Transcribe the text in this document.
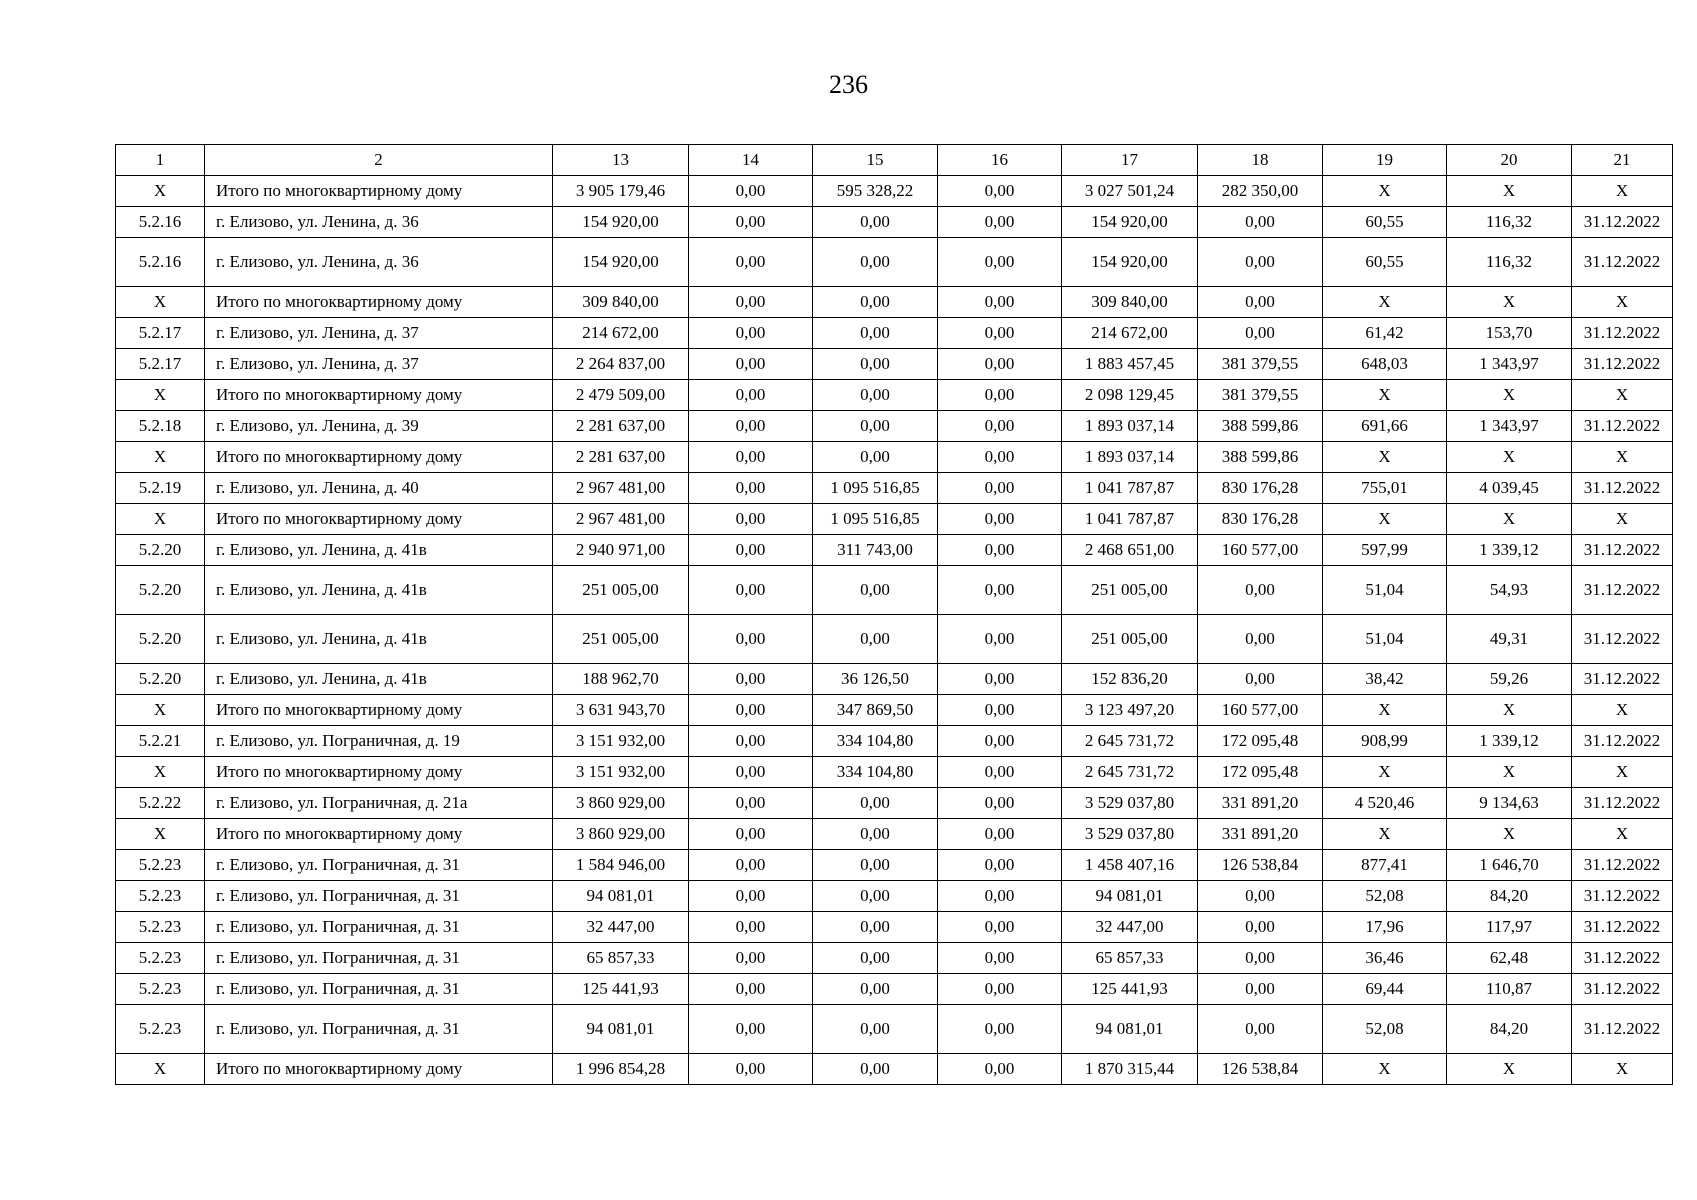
236
1	2	13	14	15	16	17	18	19	20	21
Х	Итого по многоквартирному дому	3 905 179,46	0,00	595 328,22	0,00	3 027 501,24	282 350,00	Х	Х	Х
5.2.16	г. Елизово, ул. Ленина, д. 36	154 920,00	0,00	0,00	0,00	154 920,00	0,00	60,55	116,32	31.12.2022
5.2.16	г. Елизово, ул. Ленина, д. 36	154 920,00	0,00	0,00	0,00	154 920,00	0,00	60,55	116,32	31.12.2022
Х	Итого по многоквартирному дому	309 840,00	0,00	0,00	0,00	309 840,00	0,00	Х	Х	Х
5.2.17	г. Елизово, ул. Ленина, д. 37	214 672,00	0,00	0,00	0,00	214 672,00	0,00	61,42	153,70	31.12.2022
5.2.17	г. Елизово, ул. Ленина, д. 37	2 264 837,00	0,00	0,00	0,00	1 883 457,45	381 379,55	648,03	1 343,97	31.12.2022
Х	Итого по многоквартирному дому	2 479 509,00	0,00	0,00	0,00	2 098 129,45	381 379,55	Х	Х	Х
5.2.18	г. Елизово, ул. Ленина, д. 39	2 281 637,00	0,00	0,00	0,00	1 893 037,14	388 599,86	691,66	1 343,97	31.12.2022
Х	Итого по многоквартирному дому	2 281 637,00	0,00	0,00	0,00	1 893 037,14	388 599,86	Х	Х	Х
5.2.19	г. Елизово, ул. Ленина, д. 40	2 967 481,00	0,00	1 095 516,85	0,00	1 041 787,87	830 176,28	755,01	4 039,45	31.12.2022
Х	Итого по многоквартирному дому	2 967 481,00	0,00	1 095 516,85	0,00	1 041 787,87	830 176,28	Х	Х	Х
5.2.20	г. Елизово, ул. Ленина, д. 41в	2 940 971,00	0,00	311 743,00	0,00	2 468 651,00	160 577,00	597,99	1 339,12	31.12.2022
5.2.20	г. Елизово, ул. Ленина, д. 41в	251 005,00	0,00	0,00	0,00	251 005,00	0,00	51,04	54,93	31.12.2022
5.2.20	г. Елизово, ул. Ленина, д. 41в	251 005,00	0,00	0,00	0,00	251 005,00	0,00	51,04	49,31	31.12.2022
5.2.20	г. Елизово, ул. Ленина, д. 41в	188 962,70	0,00	36 126,50	0,00	152 836,20	0,00	38,42	59,26	31.12.2022
Х	Итого по многоквартирному дому	3 631 943,70	0,00	347 869,50	0,00	3 123 497,20	160 577,00	Х	Х	Х
5.2.21	г. Елизово, ул. Пограничная, д. 19	3 151 932,00	0,00	334 104,80	0,00	2 645 731,72	172 095,48	908,99	1 339,12	31.12.2022
Х	Итого по многоквартирному дому	3 151 932,00	0,00	334 104,80	0,00	2 645 731,72	172 095,48	Х	Х	Х
5.2.22	г. Елизово, ул. Пограничная, д. 21а	3 860 929,00	0,00	0,00	0,00	3 529 037,80	331 891,20	4 520,46	9 134,63	31.12.2022
Х	Итого по многоквартирному дому	3 860 929,00	0,00	0,00	0,00	3 529 037,80	331 891,20	Х	Х	Х
5.2.23	г. Елизово, ул. Пограничная, д. 31	1 584 946,00	0,00	0,00	0,00	1 458 407,16	126 538,84	877,41	1 646,70	31.12.2022
5.2.23	г. Елизово, ул. Пограничная, д. 31	94 081,01	0,00	0,00	0,00	94 081,01	0,00	52,08	84,20	31.12.2022
5.2.23	г. Елизово, ул. Пограничная, д. 31	32 447,00	0,00	0,00	0,00	32 447,00	0,00	17,96	117,97	31.12.2022
5.2.23	г. Елизово, ул. Пограничная, д. 31	65 857,33	0,00	0,00	0,00	65 857,33	0,00	36,46	62,48	31.12.2022
5.2.23	г. Елизово, ул. Пограничная, д. 31	125 441,93	0,00	0,00	0,00	125 441,93	0,00	69,44	110,87	31.12.2022
5.2.23	г. Елизово, ул. Пограничная, д. 31	94 081,01	0,00	0,00	0,00	94 081,01	0,00	52,08	84,20	31.12.2022
Х	Итого по многоквартирному дому	1 996 854,28	0,00	0,00	0,00	1 870 315,44	126 538,84	Х	Х	Х
